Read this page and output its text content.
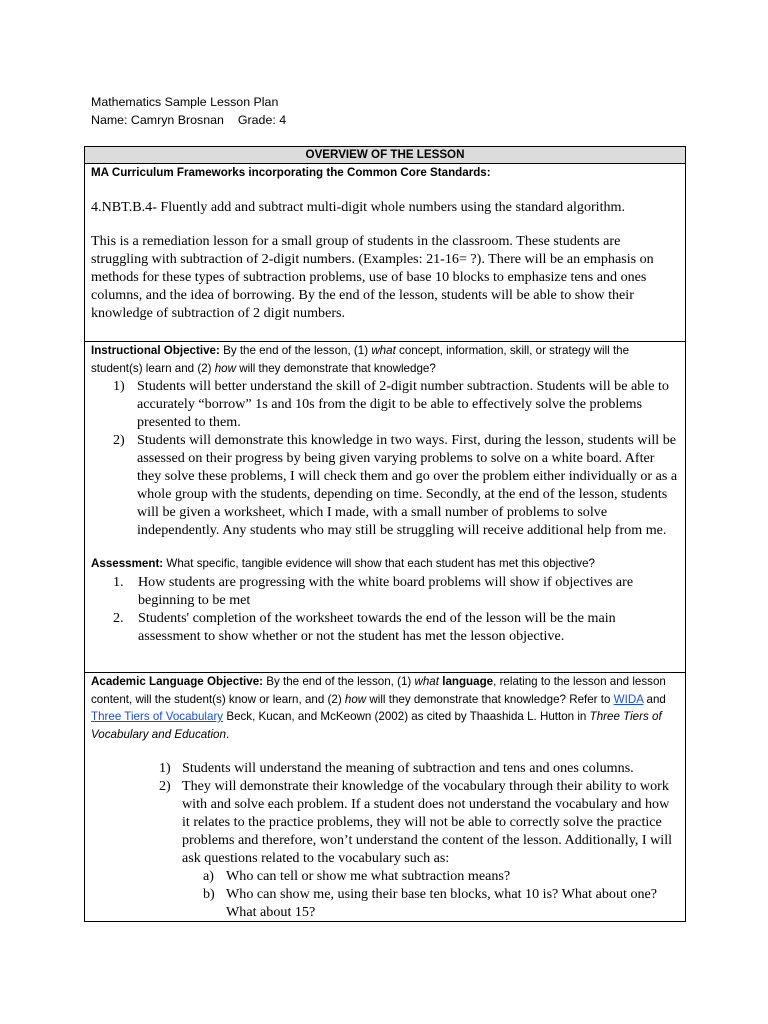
Mathematics Sample Lesson Plan
Name: Camryn Brosnan Grade: 4
OVERVIEW OF THE LESSON

MA Curriculum Frameworks incorporating the Common Core Standards:

4.NBT.B.4- Fluently add and subtract multi-digit whole numbers using the standard algorithm.

This is a remediation lesson for a small group of students in the classroom. These students are struggling with subtraction of 2-digit numbers. (Examples: 21-16= ?). There will be an emphasis on methods for these types of subtraction problems, use of base 10 blocks to emphasize tens and ones columns, and the idea of borrowing. By the end of the lesson, students will be able to show their knowledge of subtraction of 2 digit numbers.

Instructional Objective: By the end of the lesson, (1) what concept, information, skill, or strategy will the student(s) learn and (2) how will they demonstrate that knowledge?

1) Students will better understand the skill of 2-digit number subtraction. Students will be able to accurately “borrow” 1s and 10s from the digit to be able to effectively solve the problems presented to them.
2) Students will demonstrate this knowledge in two ways. First, during the lesson, students will be assessed on their progress by being given varying problems to solve on a white board. After they solve these problems, I will check them and go over the problem either individually or as a whole group with the students, depending on time. Secondly, at the end of the lesson, students will be given a worksheet, which I made, with a small number of problems to solve independently. Any students who may still be struggling will receive additional help from me.

Assessment: What specific, tangible evidence will show that each student has met this objective?

1. How students are progressing with the white board problems will show if objectives are beginning to be met
2. Students' completion of the worksheet towards the end of the lesson will be the main assessment to show whether or not the student has met the lesson objective.

Academic Language Objective: By the end of the lesson, (1) what language, relating to the lesson and lesson content, will the student(s) know or learn, and (2) how will they demonstrate that knowledge? Refer to WIDA and Three Tiers of Vocabulary Beck, Kucan, and McKeown (2002) as cited by Thaashida L. Hutton in Three Tiers of Vocabulary and Education.

1) Students will understand the meaning of subtraction and tens and ones columns.
2) They will demonstrate their knowledge of the vocabulary through their ability to work with and solve each problem. If a student does not understand the vocabulary and how it relates to the practice problems, they will not be able to correctly solve the practice problems and therefore, won’t understand the content of the lesson. Additionally, I will ask questions related to the vocabulary such as:
a) Who can tell or show me what subtraction means?
b) Who can show me, using their base ten blocks, what 10 is? What about one? What about 15?
